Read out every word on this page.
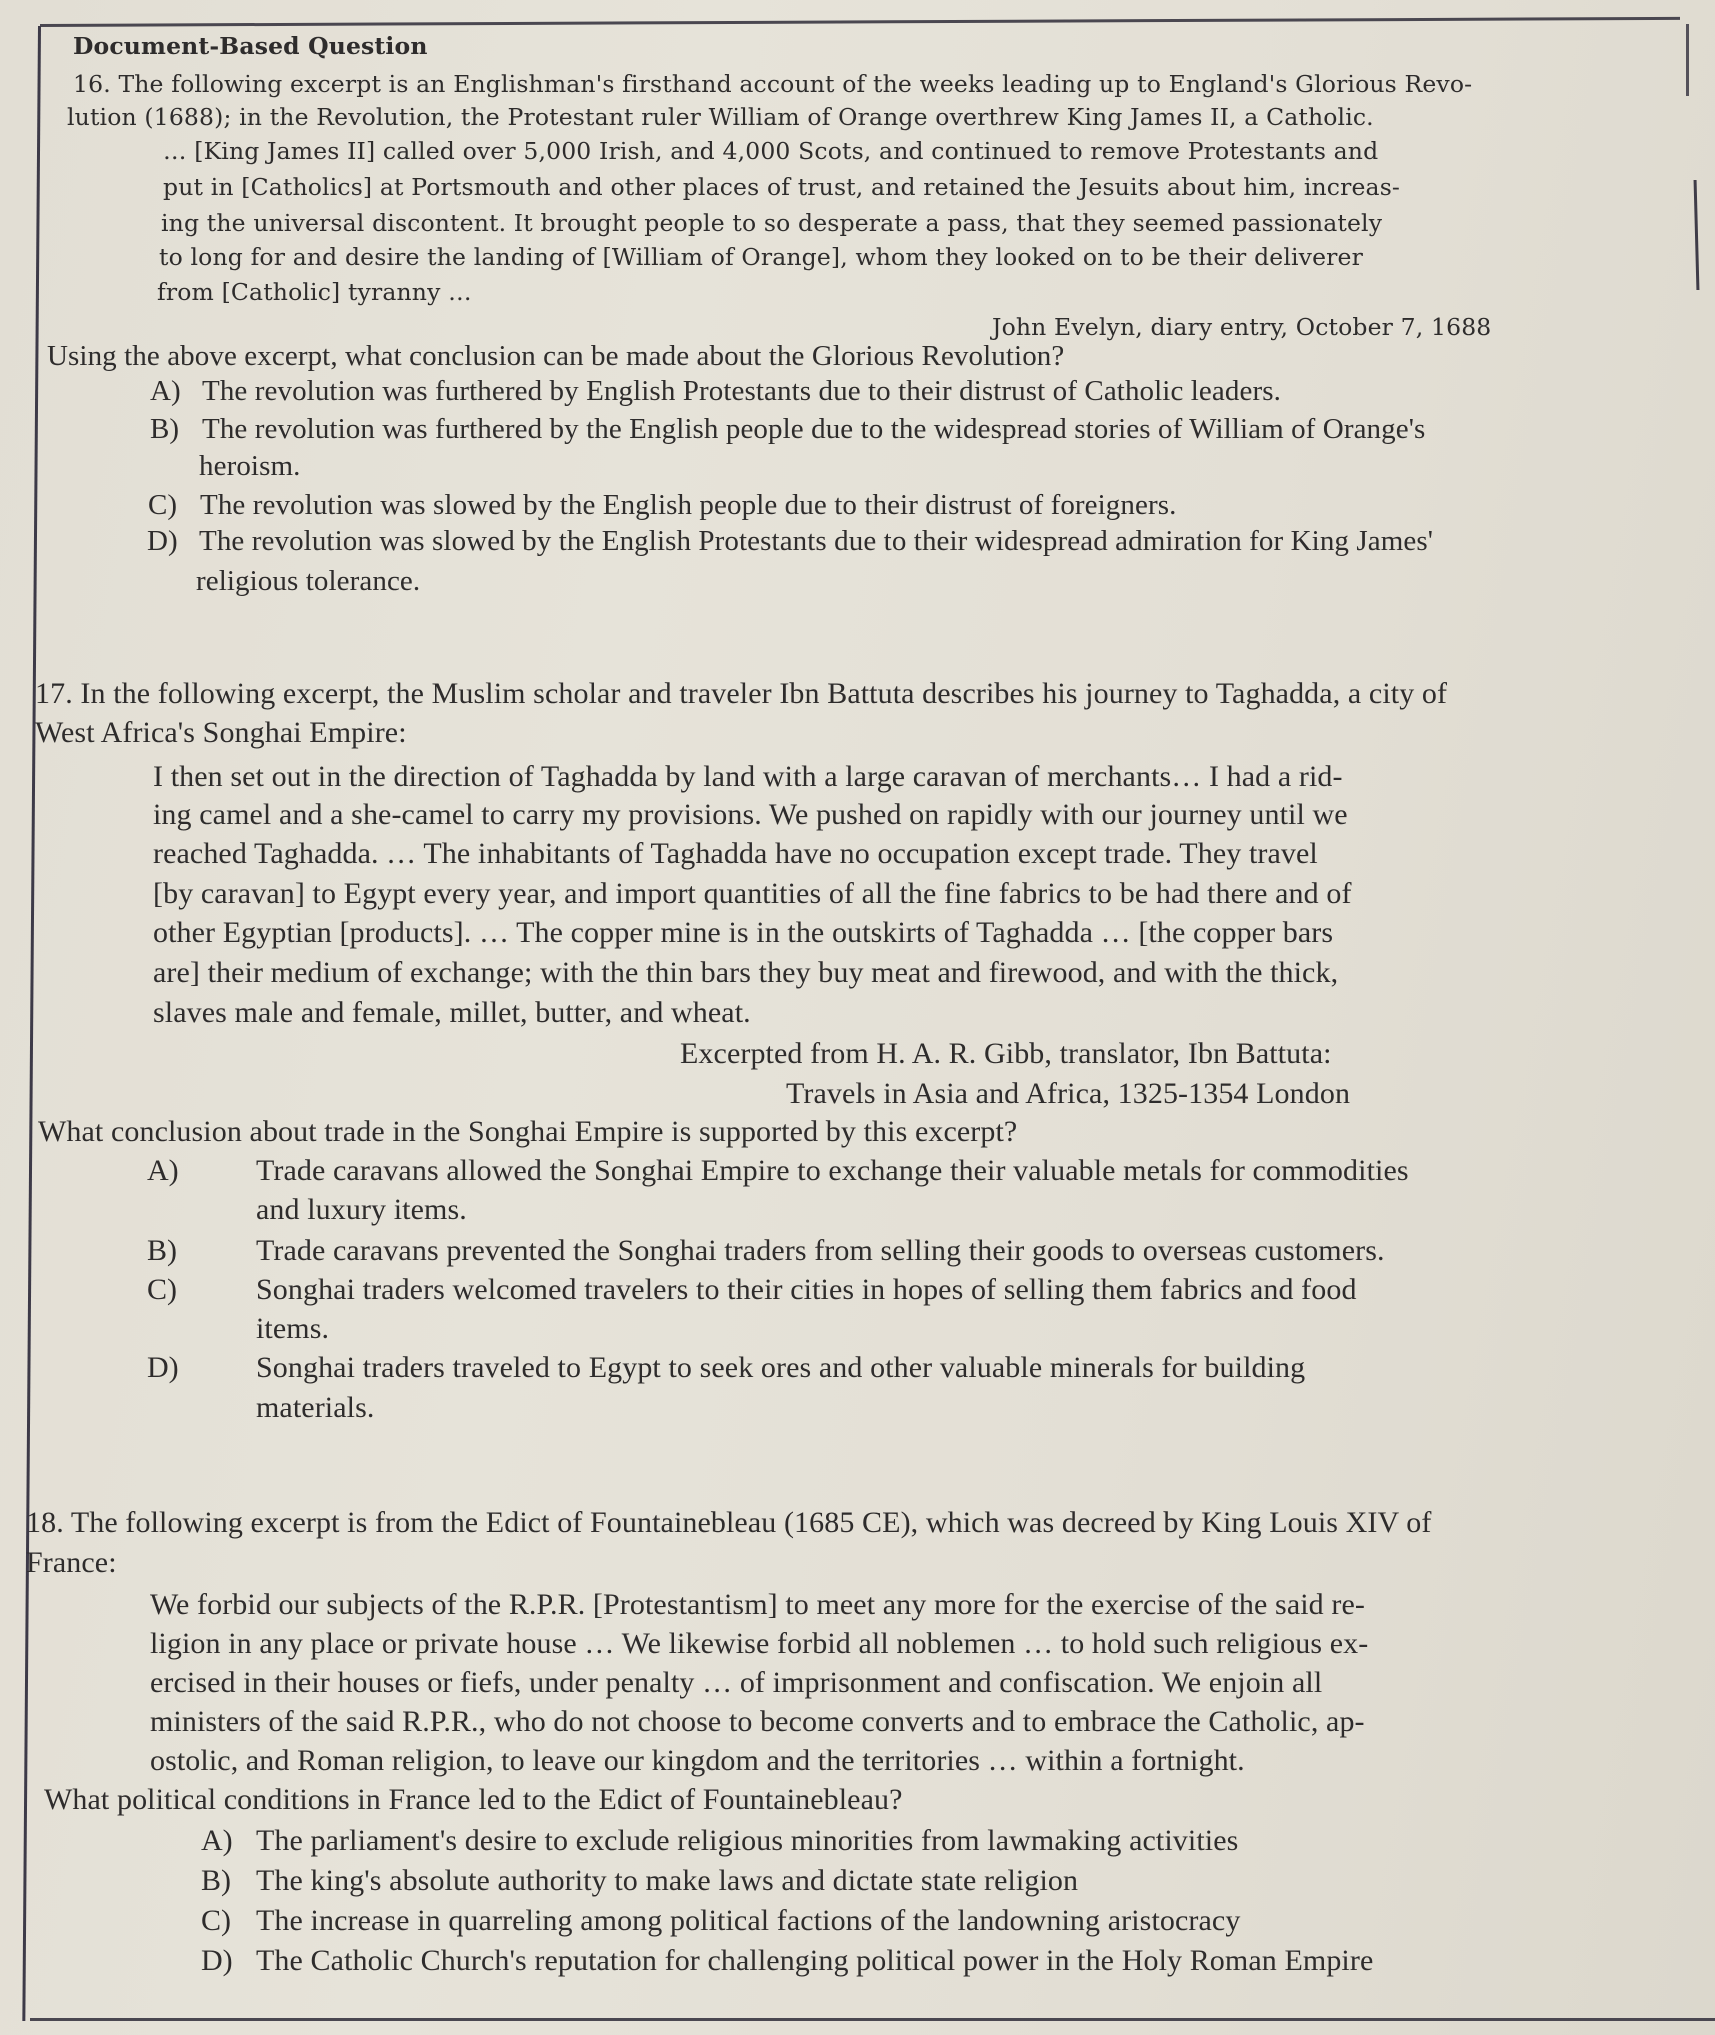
Document-Based Question
16. The following excerpt is an Englishman's firsthand account of the weeks leading up to England's Glorious Revo-
lution (1688); in the Revolution, the Protestant ruler William of Orange overthrew King James II, a Catholic.
… [King James II] called over 5,000 Irish, and 4,000 Scots, and continued to remove Protestants and
put in [Catholics] at Portsmouth and other places of trust, and retained the Jesuits about him, increas-
ing the universal discontent. It brought people to so desperate a pass, that they seemed passionately
to long for and desire the landing of [William of Orange], whom they looked on to be their deliverer
from [Catholic] tyranny …
John Evelyn, diary entry, October 7, 1688
Using the above excerpt, what conclusion can be made about the Glorious Revolution?
A) The revolution was furthered by English Protestants due to their distrust of Catholic leaders.
B) The revolution was furthered by the English people due to the widespread stories of William of Orange's
heroism.
C) The revolution was slowed by the English people due to their distrust of foreigners.
D) The revolution was slowed by the English Protestants due to their widespread admiration for King James'
religious tolerance.
17. In the following excerpt, the Muslim scholar and traveler Ibn Battuta describes his journey to Taghadda, a city of
West Africa's Songhai Empire:
I then set out in the direction of Taghadda by land with a large caravan of merchants… I had a rid-
ing camel and a she-camel to carry my provisions. We pushed on rapidly with our journey until we
reached Taghadda. … The inhabitants of Taghadda have no occupation except trade. They travel
[by caravan] to Egypt every year, and import quantities of all the fine fabrics to be had there and of
other Egyptian [products]. … The copper mine is in the outskirts of Taghadda … [the copper bars
are] their medium of exchange; with the thin bars they buy meat and firewood, and with the thick,
slaves male and female, millet, butter, and wheat.
Excerpted from H. A. R. Gibb, translator, Ibn Battuta:
Travels in Asia and Africa, 1325-1354 London
What conclusion about trade in the Songhai Empire is supported by this excerpt?
A)	Trade caravans allowed the Songhai Empire to exchange their valuable metals for commodities
and luxury items.
B)	Trade caravans prevented the Songhai traders from selling their goods to overseas customers.
C)	Songhai traders welcomed travelers to their cities in hopes of selling them fabrics and food
items.
D)	Songhai traders traveled to Egypt to seek ores and other valuable minerals for building
materials.
18. The following excerpt is from the Edict of Fountainebleau (1685 CE), which was decreed by King Louis XIV of
France:
We forbid our subjects of the R.P.R. [Protestantism] to meet any more for the exercise of the said re-
ligion in any place or private house … We likewise forbid all noblemen … to hold such religious ex-
ercised in their houses or fiefs, under penalty … of imprisonment and confiscation. We enjoin all
ministers of the said R.P.R., who do not choose to become converts and to embrace the Catholic, ap-
ostolic, and Roman religion, to leave our kingdom and the territories … within a fortnight.
What political conditions in France led to the Edict of Fountainebleau?
A) The parliament's desire to exclude religious minorities from lawmaking activities
B) The king's absolute authority to make laws and dictate state religion
C) The increase in quarreling among political factions of the landowning aristocracy
D) The Catholic Church's reputation for challenging political power in the Holy Roman Empire
